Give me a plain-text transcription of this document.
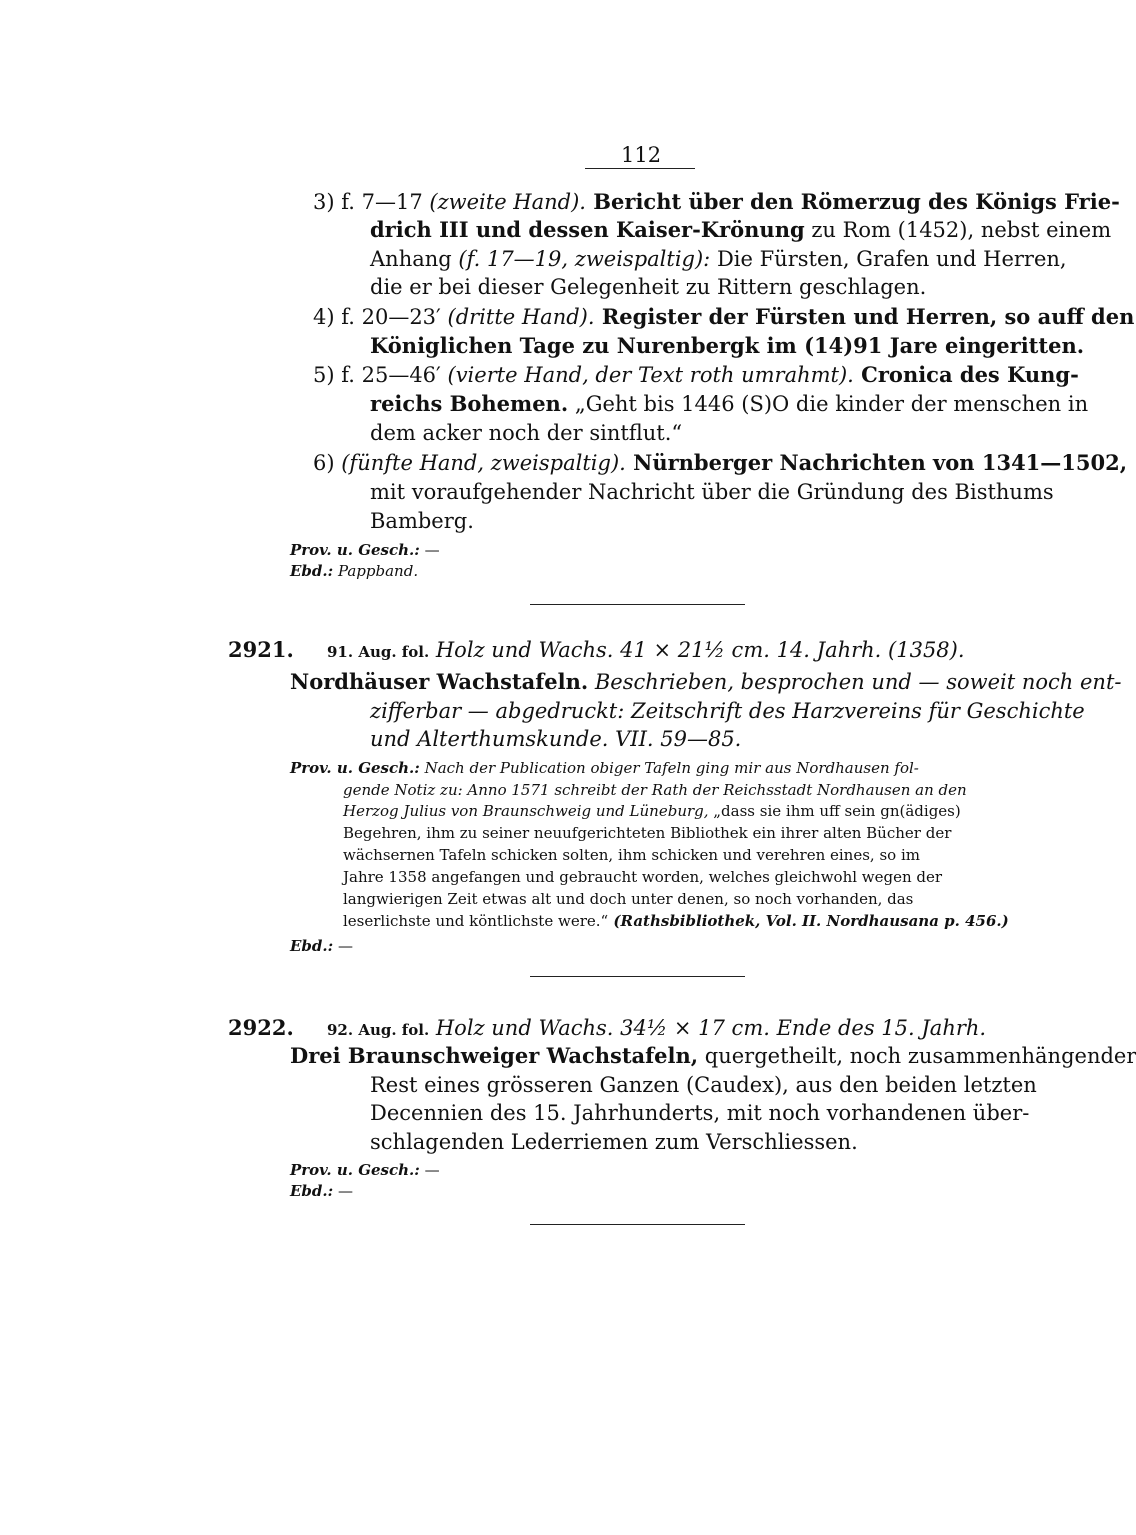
112
3) f. 7—17 (zweite Hand). Bericht über den Römerzug des Königs Frie-
drich III und dessen Kaiser-Krönung zu Rom (1452), nebst einem
Anhang (f. 17—19, zweispaltig): Die Fürsten, Grafen und Herren,
die er bei dieser Gelegenheit zu Rittern geschlagen.
4) f. 20—23′ (dritte Hand). Register der Fürsten und Herren, so auff den
Königlichen Tage zu Nurenbergk im (14)91 Jare eingeritten.
5) f. 25—46′ (vierte Hand, der Text roth umrahmt). Cronica des Kung-
reichs Bohemen. „Geht bis 1446 (S)O die kinder der menschen in
dem acker noch der sintflut.“
6) (fünfte Hand, zweispaltig). Nürnberger Nachrichten von 1341—1502,
mit voraufgehender Nachricht über die Gründung des Bisthums
Bamberg.
Prov. u. Gesch.: —
Ebd.: Pappband.
2921. 91. Aug. fol. Holz und Wachs. 41 × 21½ cm. 14. Jahrh. (1358).
Nordhäuser Wachstafeln. Beschrieben, besprochen und — soweit noch ent-
zifferbar — abgedruckt: Zeitschrift des Harzvereins für Geschichte
und Alterthumskunde. VII. 59—85.
Prov. u. Gesch.: Nach der Publication obiger Tafeln ging mir aus Nordhausen fol-
gende Notiz zu: Anno 1571 schreibt der Rath der Reichsstadt Nordhausen an den
Herzog Julius von Braunschweig und Lüneburg, „dass sie ihm uff sein gn(ädiges)
Begehren, ihm zu seiner neuufgerichteten Bibliothek ein ihrer alten Bücher der
wächsernen Tafeln schicken solten, ihm schicken und verehren eines, so im
Jahre 1358 angefangen und gebraucht worden, welches gleichwohl wegen der
langwierigen Zeit etwas alt und doch unter denen, so noch vorhanden, das
leserlichste und köntlichste were.“ (Rathsbibliothek, Vol. II. Nordhausana p. 456.)
Ebd.: —
2922. 92. Aug. fol. Holz und Wachs. 34½ × 17 cm. Ende des 15. Jahrh.
Drei Braunschweiger Wachstafeln, quergetheilt, noch zusammenhängender
Rest eines grösseren Ganzen (Caudex), aus den beiden letzten
Decennien des 15. Jahrhunderts, mit noch vorhandenen über-
schlagenden Lederriemen zum Verschliessen.
Prov. u. Gesch.: —
Ebd.: —
